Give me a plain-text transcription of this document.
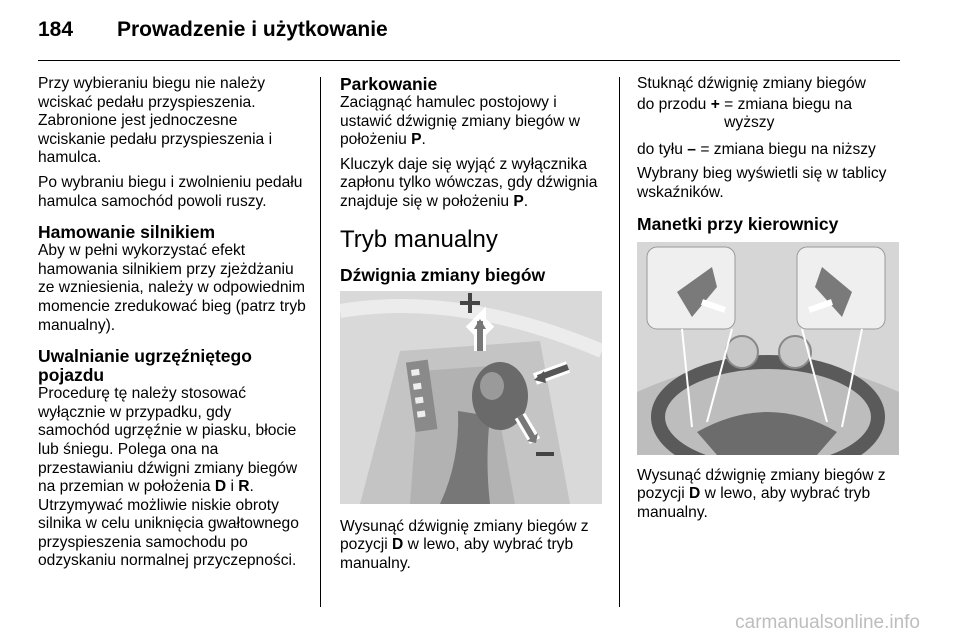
184 Prowadzenie i użytkowanie

Przy wybieraniu biegu nie należy wciskać pedału przyspieszenia. Zabronione jest jednoczesne wciskanie pedału przyspieszenia i hamulca.

Po wybraniu biegu i zwolnieniu pedału hamulca samochód powoli ruszy.

Hamowanie silnikiem

Aby w pełni wykorzystać efekt hamowania silnikiem przy zjeżdżaniu ze wzniesienia, należy w odpowiednim momencie zredukować bieg (patrz tryb manualny).

Uwalnianie ugrzęźniętego pojazdu

Procedurę tę należy stosować wyłącznie w przypadku, gdy samochód ugrzęźnie w piasku, błocie lub śniegu. Polega ona na przestawianiu dźwigni zmiany biegów na przemian w położenia D i R. Utrzymywać możliwie niskie obroty silnika w celu uniknięcia gwałtownego przyspieszenia samochodu po odzyskaniu normalnej przyczepności.

Parkowanie

Zaciągnąć hamulec postojowy i ustawić dźwignię zmiany biegów w położeniu P.

Kluczyk daje się wyjąć z wyłącznika zapłonu tylko wówczas, gdy dźwignia znajduje się w położeniu P.

Tryb manualny
Dźwignia zmiany biegów

Wysunąć dźwignię zmiany biegów z pozycji D w lewo, aby wybrać tryb manualny.

Stuknąć dźwignię zmiany biegów

do przodu + = zmiana biegu na wyższy

do tyłu – = zmiana biegu na niższy

Wybrany bieg wyświetli się w tablicy wskaźników.

Manetki przy kierownicy

Wysunąć dźwignię zmiany biegów z pozycji D w lewo, aby wybrać tryb manualny.

carmanualsonline.info
